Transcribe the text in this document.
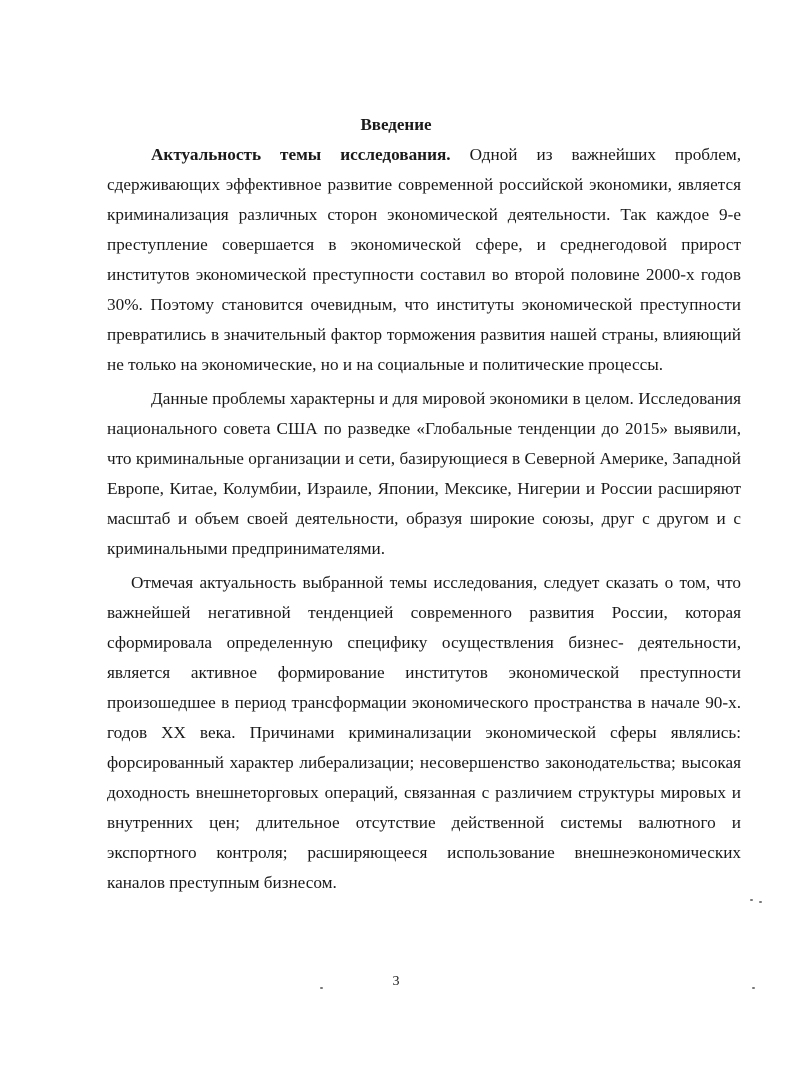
Введение

Актуальность темы исследования. Одной из важнейших проблем, сдерживающих эффективное развитие современной российской экономики, является криминализация различных сторон экономической деятельности. Так каждое 9-е преступление совершается в экономической сфере, и среднегодовой прирост институтов экономической преступности составил во второй половине 2000-х годов 30%. Поэтому становится очевидным, что институты экономической преступности превратились в значительный фактор торможения развития нашей страны, влияющий не только на экономические, но и на социальные и политические процессы.

Данные проблемы характерны и для мировой экономики в целом. Исследования национального совета США по разведке «Глобальные тенденции до 2015» выявили, что криминальные организации и сети, базирующиеся в Северной Америке, Западной Европе, Китае, Колумбии, Израиле, Японии, Мексике, Нигерии и России расширяют масштаб и объем своей деятельности, образуя широкие союзы, друг с другом и с криминальными предпринимателями.

Отмечая актуальность выбранной темы исследования, следует сказать о том, что важнейшей негативной тенденцией современного развития России, которая сформировала определенную специфику осуществления бизнес- деятельности, является активное формирование институтов экономической преступности произошедшее в период трансформации экономического пространства в начале 90-х. годов XX века. Причинами криминализации экономической сферы являлись: форсированный характер либерализации; несовершенство законодательства; высокая доходность внешнеторговых операций, связанная с различием структуры мировых и внутренних цен; длительное отсутствие действенной системы валютного и экспортного контроля; расширяющееся использование внешнеэкономических каналов преступным бизнесом.

3
